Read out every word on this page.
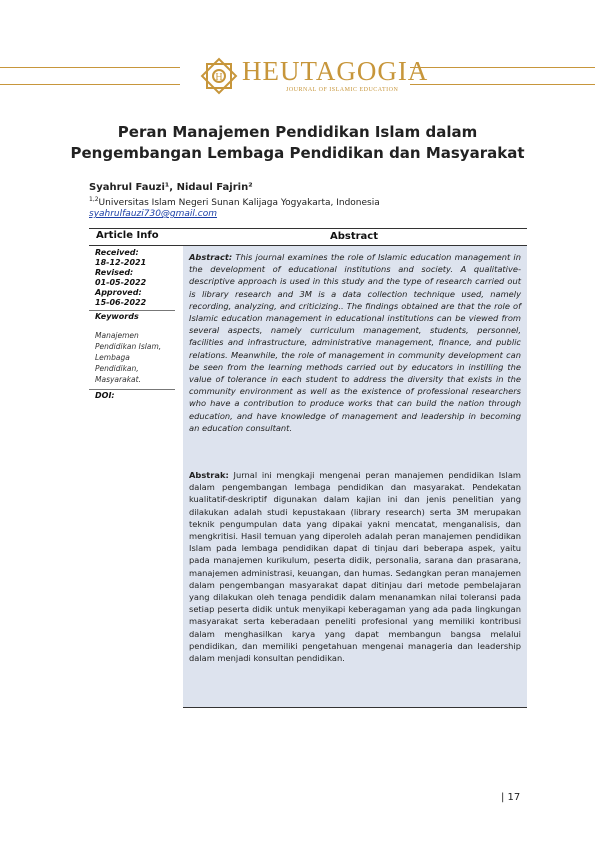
H HEUTAGOGIA
JOURNAL OF ISLAMIC EDUCATION
Peran Manajemen Pendidikan Islam dalam Pengembangan Lembaga Pendidikan dan Masyarakat
Syahrul Fauzi¹, Nidaul Fajrin²
$^{1,2}$Universitas Islam Negeri Sunan Kalijaga Yogyakarta, Indonesia
syahrulfauzi730@gmail.com
Article Info	Abstract
Received:
18-12-2021
Revised:
01-05-2022
Approved:
15-06-2022
Keywords
Manajemen Pendidikan Islam, Lembaga Pendidikan, Masyarakat.
DOI:
Abstract: This journal examines the role of Islamic education management in the development of educational institutions and society. A qualitative-descriptive approach is used in this study and the type of research carried out is library research and 3M is a data collection technique used, namely recording, analyzing, and criticizing.. The findings obtained are that the role of Islamic education management in educational institutions can be viewed from several aspects, namely curriculum management, students, personnel, facilities and infrastructure, administrative management, finance, and public relations. Meanwhile, the role of management in community development can be seen from the learning methods carried out by educators in instilling the value of tolerance in each student to address the diversity that exists in the community environment as well as the existence of professional researchers who have a contribution to produce works that can build the nation through education, and have knowledge of management and leadership in becoming an education consultant.
Abstrak: Jurnal ini mengkaji mengenai peran manajemen pendidikan Islam dalam pengembangan lembaga pendidikan dan masyarakat. Pendekatan kualitatif-deskriptif digunakan dalam kajian ini dan jenis penelitian yang dilakukan adalah studi kepustakaan (library research) serta 3M merupakan teknik pengumpulan data yang dipakai yakni mencatat, menganalisis, dan mengkritisi. Hasil temuan yang diperoleh adalah peran manajemen pendidikan Islam pada lembaga pendidikan dapat di tinjau dari beberapa aspek, yaitu pada manajemen kurikulum, peserta didik, personalia, sarana dan prasarana, manajemen administrasi, keuangan, dan humas. Sedangkan peran manajemen dalam pengembangan masyarakat dapat ditinjau dari metode pembelajaran yang dilakukan oleh tenaga pendidik dalam menanamkan nilai toleransi pada setiap peserta didik untuk menyikapi keberagaman yang ada pada lingkungan masyarakat serta keberadaan peneliti profesional yang memiliki kontribusi dalam menghasilkan karya yang dapat membangun bangsa melalui pendidikan, dan memiliki pengetahuan mengenai manageria dan leadership dalam menjadi konsultan pendidikan.
| 17
